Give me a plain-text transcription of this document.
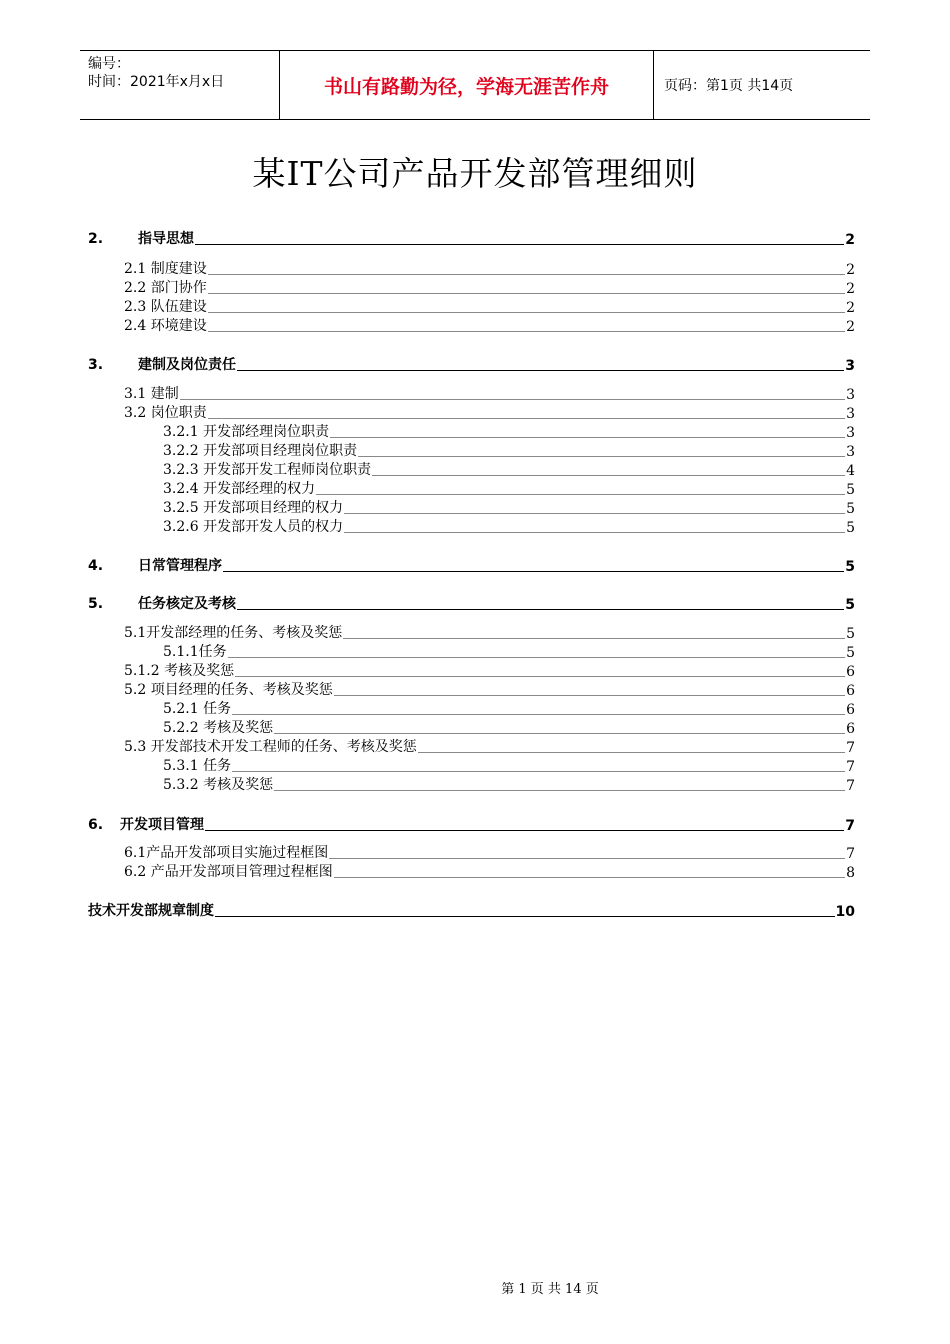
编号：
时间：2021年x月x日	书山有路勤为径，学海无涯苦作舟	页码：第1页 共14页
某IT公司产品开发部管理细则
2. 指导思想	2
2.1 制度建设	2
2.2 部门协作	2
2.3 队伍建设	2
2.4 环境建设	2
3. 建制及岗位责任	3
3.1 建制	3
3.2 岗位职责	3
3.2.1 开发部经理岗位职责	3
3.2.2 开发部项目经理岗位职责	3
3.2.3 开发部开发工程师岗位职责	4
3.2.4 开发部经理的权力	5
3.2.5 开发部项目经理的权力	5
3.2.6 开发部开发人员的权力	5
4. 日常管理程序	5
5. 任务核定及考核	5
5.1开发部经理的任务、考核及奖惩	5
5.1.1任务	5
5.1.2 考核及奖惩	6
5.2 项目经理的任务、考核及奖惩	6
5.2.1 任务	6
5.2.2 考核及奖惩	6
5.3 开发部技术开发工程师的任务、考核及奖惩	7
5.3.1 任务	7
5.3.2 考核及奖惩	7
6. 开发项目管理	7
6.1产品开发部项目实施过程框图	7
6.2 产品开发部项目管理过程框图	8
技术开发部规章制度	10
第 1 页 共 14 页
